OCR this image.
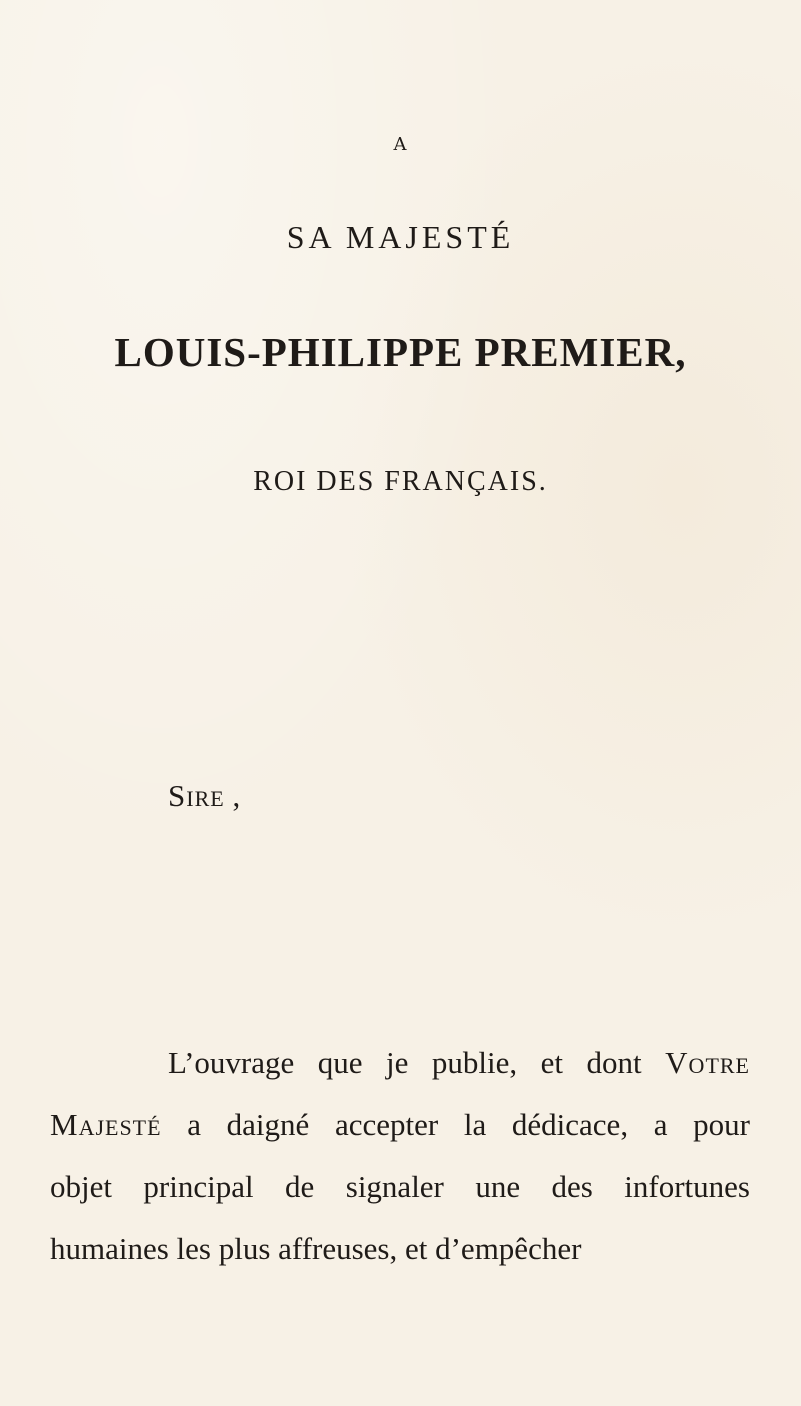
A
SA MAJESTÉ
LOUIS-PHILIPPE PREMIER,
ROI DES FRANÇAIS.
Sire ,
L’ouvrage que je publie, et dont Votre
Majesté a daigné accepter la dédicace, a pour
objet principal de signaler une des infortunes
humaines les plus affreuses, et d’empêcher
